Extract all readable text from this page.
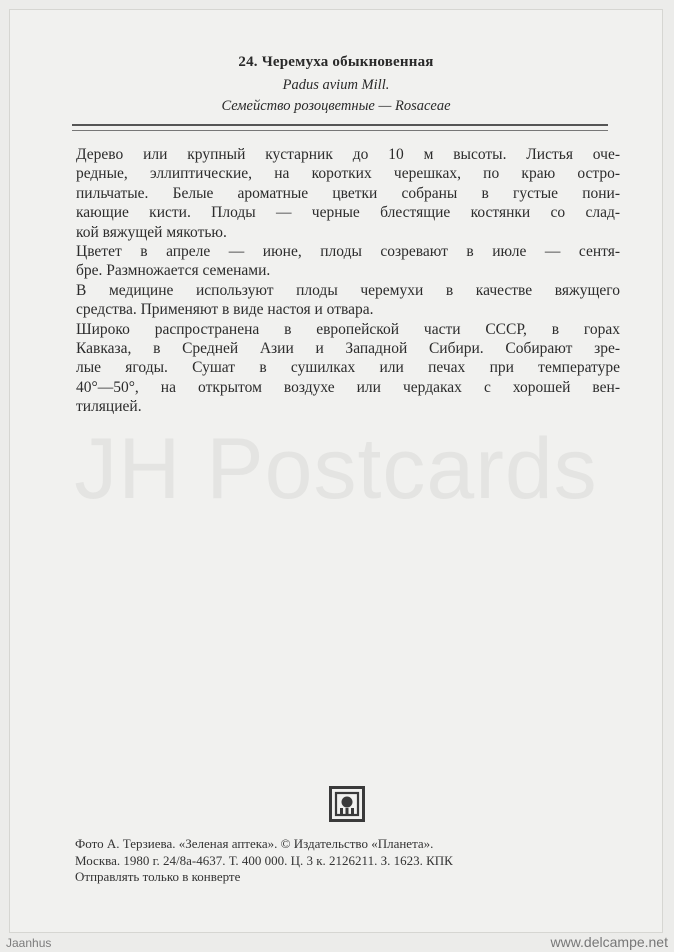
24. Черемуха обыкновенная
Padus avium Mill.
Семейство розоцветные — Rosaceae
Дерево или крупный кустарник до 10 м высоты. Листья оче-
редные, эллиптические, на коротких черешках, по краю остро-
пильчатые. Белые ароматные цветки собраны в густые пони-
кающие кисти. Плоды — черные блестящие костянки со слад-
кой вяжущей мякотью.
Цветет в апреле — июне, плоды созревают в июле — сентя-
бре. Размножается семенами.
В медицине используют плоды черемухи в качестве вяжущего
средства. Применяют в виде настоя и отвара.
Широко распространена в европейской части СССР, в горах
Кавказа, в Средней Азии и Западной Сибири. Собирают зре-
лые ягоды. Сушат в сушилках или печах при температуре
40°—50°, на открытом воздухе или чердаках с хорошей вен-
тиляцией.
JH Postcards
Фото А. Терзиева. «Зеленая аптека». © Издательство «Планета».
Москва. 1980 г. 24/8а-4637. Т. 400 000. Ц. 3 к. 2126211. З. 1623. КПК
Отправлять только в конверте
Jaanhus	www.delcampe.net
